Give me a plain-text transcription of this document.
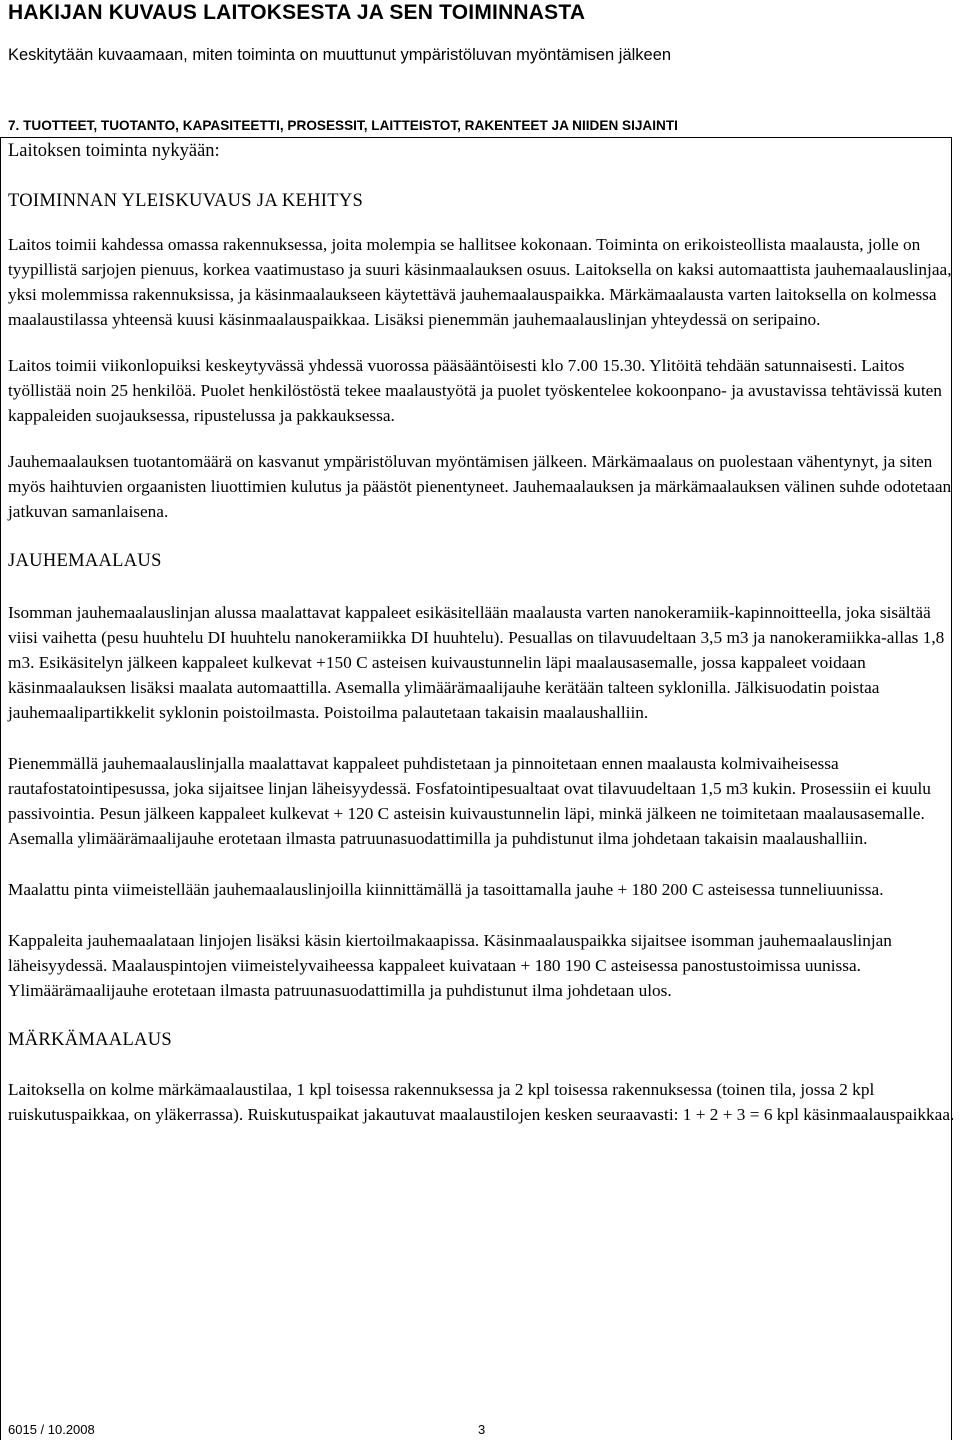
HAKIJAN KUVAUS LAITOKSESTA JA SEN TOIMINNASTA
Keskitytään kuvaamaan, miten toiminta on muuttunut ympäristöluvan myöntämisen jälkeen
7. TUOTTEET, TUOTANTO, KAPASITEETTI, PROSESSIT, LAITTEISTOT, RAKENTEET JA NIIDEN SIJAINTI

Laitoksen toiminta nykyään:

TOIMINNAN YLEISKUVAUS JA KEHITYS

Laitos toimii kahdessa omassa rakennuksessa, joita molempia se hallitsee kokonaan. Toiminta on erikoisteollista maalausta, jolle on tyypillistä sarjojen pienuus, korkea vaatimustaso ja suuri käsinmaalauksen osuus. Laitoksella on kaksi automaattista jauhemaalauslinjaa, yksi molemmissa rakennuksissa, ja käsinmaalaukseen käytettävä jauhemaalauspaikka. Märkämaalausta varten laitoksella on kolmessa maalaustilassa yhteensä kuusi käsinmaalauspaikkaa. Lisäksi pienemmän jauhemaalauslinjan yhteydessä on seripaino.

Laitos toimii viikonlopuiksi keskeytyvässä yhdessä vuorossa pääsääntöisesti klo 7.00 15.30. Ylitöitä tehdään satunnaisesti. Laitos työllistää noin 25 henkilöä. Puolet henkilöstöstä tekee maalaustyötä ja puolet työskentelee kokoonpano- ja avustavissa tehtävissä kuten kappaleiden suojauksessa, ripustelussa ja pakkauksessa.

Jauhemaalauksen tuotantomäärä on kasvanut ympäristöluvan myöntämisen jälkeen. Märkämaalaus on puolestaan vähentynyt, ja siten myös haihtuvien orgaanisten liuottimien kulutus ja päästöt pienentyneet. Jauhemaalauksen ja märkämaalauksen välinen suhde odotetaan jatkuvan samanlaisena.

JAUHEMAALAUS

Isomman jauhemaalauslinjan alussa maalattavat kappaleet esikäsitellään maalausta varten nanokeramiik-kapinnoitteella, joka sisältää viisi vaihetta (pesu huuhtelu DI huuhtelu nanokeramiikka DI huuhtelu). Pesuallas on tilavuudeltaan 3,5 m3 ja nanokeramiikka-allas 1,8 m3. Esikäsitelyn jälkeen kappaleet kulkevat +150 C asteisen kuivaustunnelin läpi maalausasemalle, jossa kappaleet voidaan käsinmaalauksen lisäksi maalata automaattilla. Asemalla ylimäärämaalijauhe kerätään talteen syklonilla. Jälkisuodatin poistaa jauhemaalipartikkelit syklonin poistoilmasta. Poistoilma palautetaan takaisin maalaushalliin.

Pienemmällä jauhemaalauslinjalla maalattavat kappaleet puhdistetaan ja pinnoitetaan ennen maalausta kolmivaiheisessa rautafostatointipesussa, joka sijaitsee linjan läheisyydessä. Fosfatointipesualtaat ovat tilavuudeltaan 1,5 m3 kukin. Prosessiin ei kuulu passivointia. Pesun jälkeen kappaleet kulkevat + 120 C asteisin kuivaustunnelin läpi, minkä jälkeen ne toimitetaan maalausasemalle. Asemalla ylimäärämaalijauhe erotetaan ilmasta patruunasuodattimilla ja puhdistunut ilma johdetaan takaisin maalaushalliin.

Maalattu pinta viimeistellään jauhemaalauslinjoilla kiinnittämällä ja tasoittamalla jauhe + 180 200 C asteisessa tunneliuunissa.

Kappaleita jauhemaalataan linjojen lisäksi käsin kiertoilmakaapissa. Käsinmaalauspaikka sijaitsee isomman jauhemaalauslinjan läheisyydessä. Maalauspintojen viimeistelyvaiheessa kappaleet kuivataan + 180 190 C asteisessa panostustoimissa uunissa. Ylimäärämaalijauhe erotetaan ilmasta patruunasuodattimilla ja puhdistunut ilma johdetaan ulos.

MÄRKÄMAALAUS

Laitoksella on kolme märkämaalaustilaa, 1 kpl toisessa rakennuksessa ja 2 kpl toisessa rakennuksessa (toinen tila, jossa 2 kpl ruiskutuspaikkaa, on yläkerrassa). Ruiskutuspaikat jakautuvat maalaustilojen kesken seuraavasti: 1 + 2 + 3 = 6 kpl käsinmaalauspaikkaa.

6015 / 10.2008	3
